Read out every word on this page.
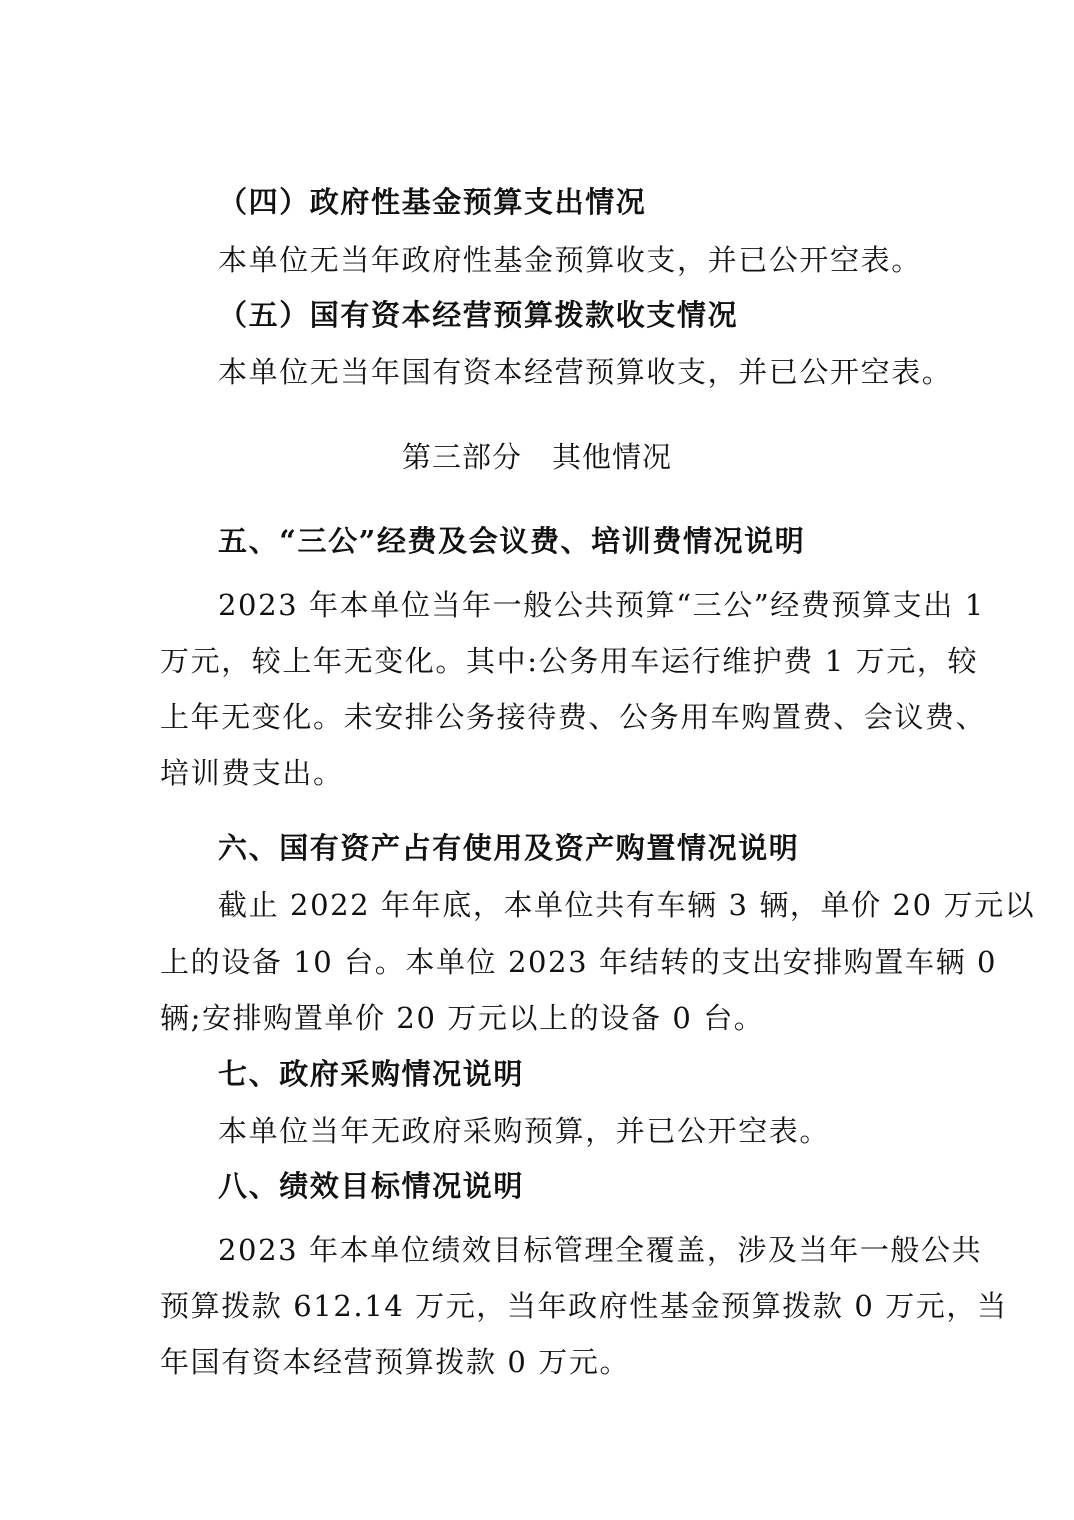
（四）政府性基金预算支出情况
本单位无当年政府性基金预算收支，并已公开空表。
（五）国有资本经营预算拨款收支情况
本单位无当年国有资本经营预算收支，并已公开空表。
第三部分　其他情况
五、“三公”经费及会议费、培训费情况说明
2023 年本单位当年一般公共预算“三公”经费预算支出 1
万元，较上年无变化。其中:公务用车运行维护费 1 万元，较
上年无变化。未安排公务接待费、公务用车购置费、会议费、
培训费支出。
六、国有资产占有使用及资产购置情况说明
截止 2022 年年底，本单位共有车辆 3 辆，单价 20 万元以
上的设备 10 台。本单位 2023 年结转的支出安排购置车辆 0
辆;安排购置单价 20 万元以上的设备 0 台。
七、政府采购情况说明
本单位当年无政府采购预算，并已公开空表。
八、绩效目标情况说明
2023 年本单位绩效目标管理全覆盖，涉及当年一般公共
预算拨款 612.14 万元，当年政府性基金预算拨款 0 万元，当
年国有资本经营预算拨款 0 万元。
